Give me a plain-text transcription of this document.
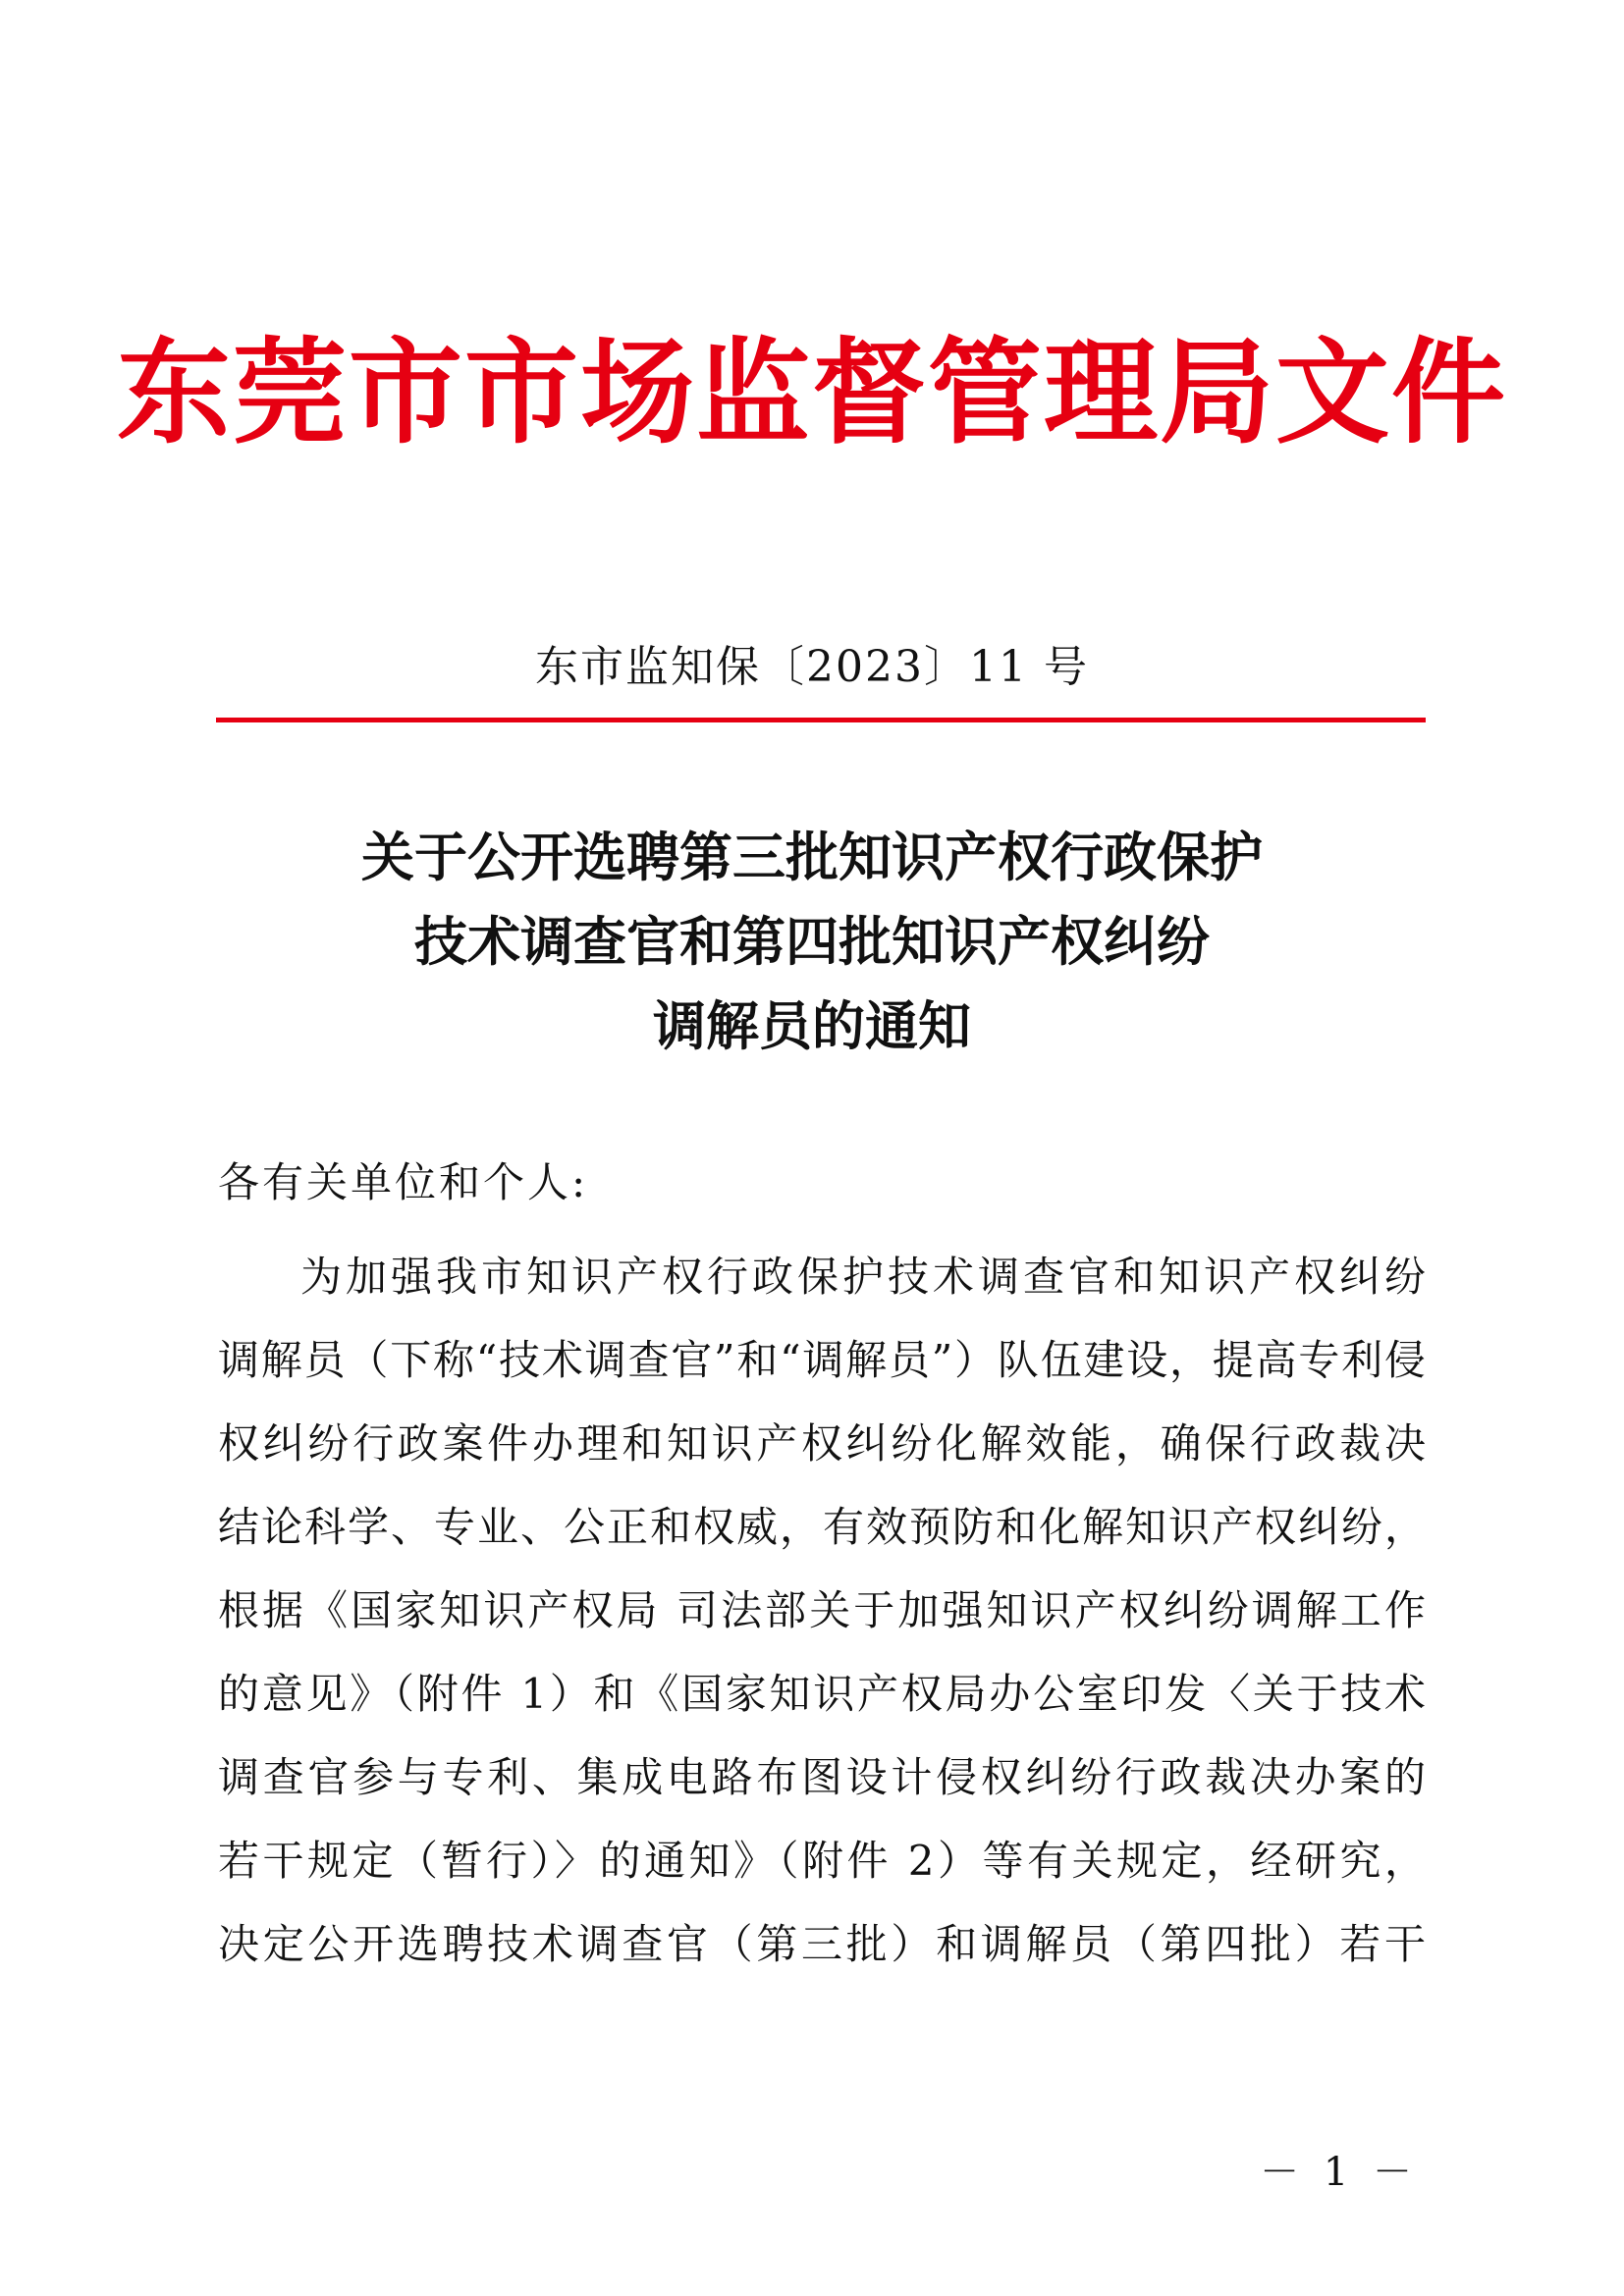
东莞市市场监督管理局文件
东市监知保〔2023〕11 号
关于公开选聘第三批知识产权行政保护
技术调查官和第四批知识产权纠纷
调解员的通知
各有关单位和个人:
为加强我市知识产权行政保护技术调查官和知识产权纠纷
调解员（下称“技术调查官”和“调解员”）队伍建设，提高专利侵
权纠纷行政案件办理和知识产权纠纷化解效能，确保行政裁决
结论科学、专业、公正和权威，有效预防和化解知识产权纠纷，
根据《国家知识产权局 司法部关于加强知识产权纠纷调解工作
的意见》（附件 1）和《国家知识产权局办公室印发〈关于技术
调查官参与专利、集成电路布图设计侵权纠纷行政裁决办案的
若干规定（暂行）〉的通知》（附件 2）等有关规定，经研究，
决定公开选聘技术调查官（第三批）和调解员（第四批）若干
－ 1 －
